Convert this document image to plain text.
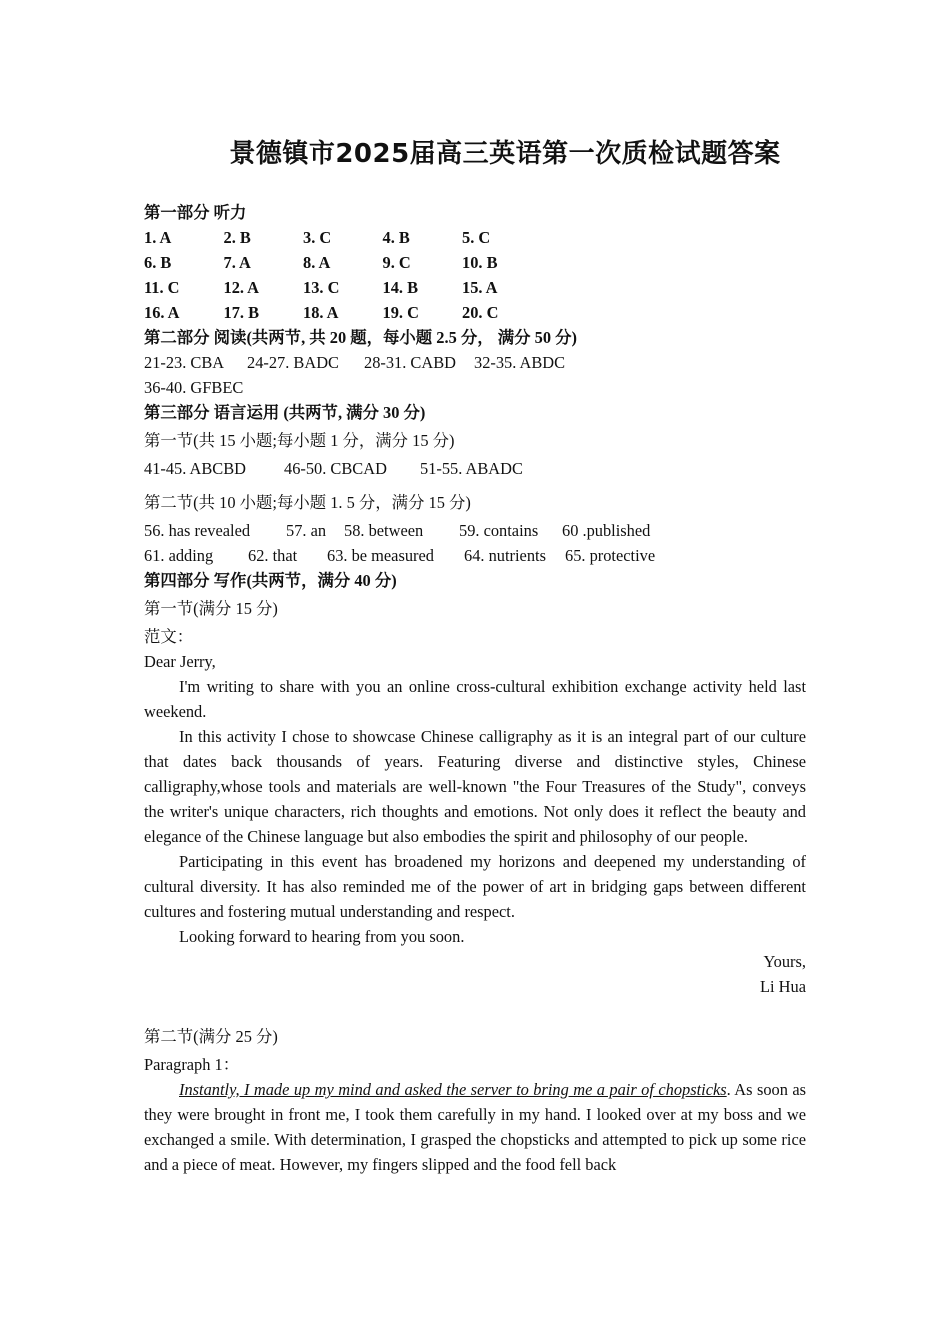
景德镇市2025届高三英语第一次质检试题答案
第一部分 听力
1. A	2. B	3. C	4. B	5. C
6. B	7. A	8. A	9. C	10. B
11. C	12. A	13. C	14. B	15. A
16. A	17. B	18. A	19. C	20. C
第二部分 阅读(共两节, 共 20 题，每小题 2.5 分， 满分 50 分)
21-23. CBA 24-27. BADC 28-31. CABD 32-35. ABDC
36-40. GFBEC
第三部分 语言运用 (共两节, 满分 30 分)
第一节(共 15 小题;每小题 1 分，满分 15 分)
41-45. ABCBD 46-50. CBCAD 51-55. ABADC
第二节(共 10 小题;每小题 1. 5 分，满分 15 分)
56. has revealed 57. an 58. between 59. contains 60 .published
61. adding 62. that 63. be measured 64. nutrients 65. protective
第四部分 写作(共两节，满分 40 分)
第一节(满分 15 分)
范文：
Dear Jerry,

I'm writing to share with you an online cross-cultural exhibition exchange activity held last weekend.

In this activity I chose to showcase Chinese calligraphy as it is an integral part of our culture that dates back thousands of years. Featuring diverse and distinctive styles, Chinese calligraphy,whose tools and materials are well-known "the Four Treasures of the Study", conveys the writer's unique characters, rich thoughts and emotions. Not only does it reflect the beauty and elegance of the Chinese language but also embodies the spirit and philosophy of our people.

Participating in this event has broadened my horizons and deepened my understanding of cultural diversity. It has also reminded me of the power of art in bridging gaps between different cultures and fostering mutual understanding and respect.

Looking forward to hearing from you soon.

Yours,
Li Hua
第二节(满分 25 分)
Paragraph 1：

Instantly, I made up my mind and asked the server to bring me a pair of chopsticks. As soon as they were brought in front me, I took them carefully in my hand. I looked over at my boss and we exchanged a smile. With determination, I grasped the chopsticks and attempted to pick up some rice and a piece of meat. However, my fingers slipped and the food fell back
